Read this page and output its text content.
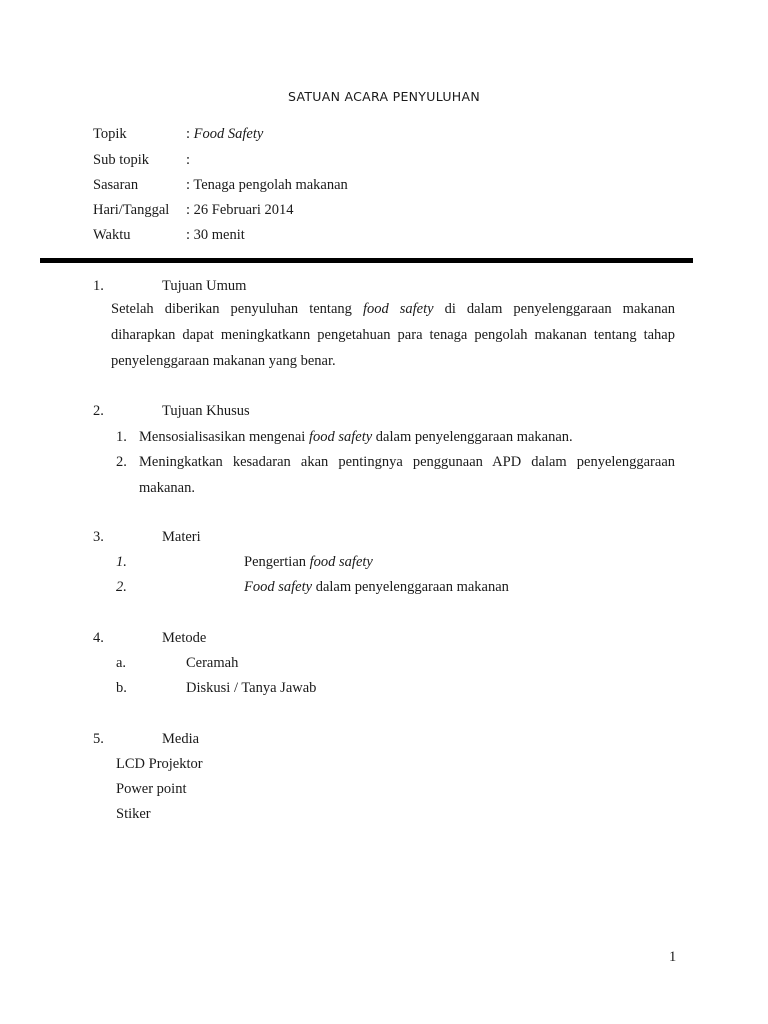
SATUAN ACARA PENYULUHAN
Topik	: Food Safety
Sub topik	:
Sasaran	: Tenaga pengolah makanan
Hari/Tanggal : 26 Februari 2014
Waktu	: 30 menit
1.	Tujuan Umum
Setelah diberikan penyuluhan tentang food safety di dalam penyelenggaraan makanan diharapkan dapat meningkatkann pengetahuan para tenaga pengolah makanan tentang tahap penyelenggaraan makanan yang benar.
2.	Tujuan Khusus
1. Mensosialisasikan mengenai food safety dalam penyelenggaraan makanan.
2. Meningkatkan kesadaran akan pentingnya penggunaan APD dalam penyelenggaraan makanan.
3.	Materi
1.	Pengertian food safety
2.	Food safety dalam penyelenggaraan makanan
4.	Metode
a.	Ceramah
b.	Diskusi / Tanya Jawab
5.	Media
LCD Projektor
Power point
Stiker
1
